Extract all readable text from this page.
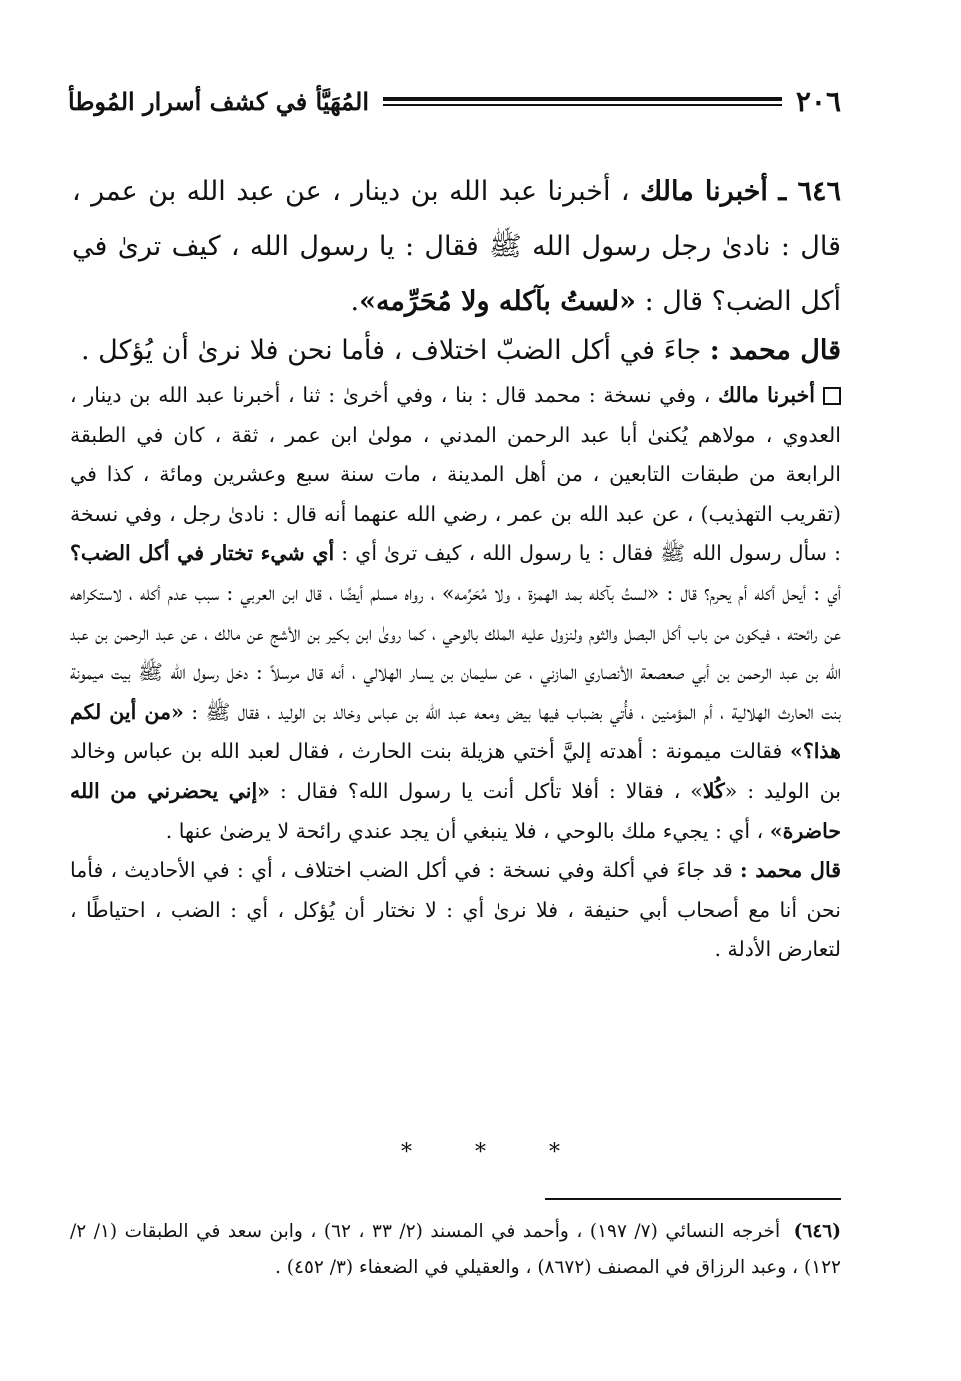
٢٠٦
المُهَيَّأ في كشف أسرار المُوطأ
٦٤٦ ـ أخبرنا مالك ، أخبرنا عبد الله بن دينار ، عن عبد الله بن عمر ، قال : نادىٰ رجل رسول الله ﷺ فقال : يا رسول الله ، كيف ترىٰ في أكل الضب؟ قال : «لستُ بآكله ولا مُحَرِّمه».
قال محمد : جاءَ في أكل الضبّ اختلاف ، فأما نحن فلا نرىٰ أن يُؤكل .

أخبرنا مالك ، وفي نسخة : محمد قال : بنا ، وفي أخرىٰ : ثنا ، أخبرنا عبد الله بن دينار ، العدوي ، مولاهم يُكنىٰ أبا عبد الرحمن المدني ، مولىٰ ابن عمر ، ثقة ، كان في الطبقة الرابعة من طبقات التابعين ، من أهل المدينة ، مات سنة سبع وعشرين ومائة ، كذا في (تقريب التهذيب) ، عن عبد الله بن عمر ، رضي الله عنهما أنه قال : نادىٰ رجل ، وفي نسخة : سأل رسول الله ﷺ فقال : يا رسول الله ، كيف ترىٰ أي : أي شيء تختار في أكل الضب؟ أي : أيحل أكله أم يحرم؟ قال : «لستُ بآكله بمد الهمزة ، ولا مُحَرِّمه» ، رواه مسلم أيضًا ، قال ابن العربي : سبب عدم أكله ، لاستكراهه عن رائحته ، فيكون من باب أكل البصل والثوم ولنزول عليه الملك بالوحي ، كما روىٰ ابن بكير بن الأشج عن مالك ، عن عبد الرحمن بن عبد الله بن عبد الرحمن بن أبي صعصعة الأنصاري المازني ، عن سليمان بن يسار الهلالي ، أنه قال مرسلاً : دخل رسول الله ﷺ بيت ميمونة بنت الحارث الهلالية ، أم المؤمنين ، فأُتي بضباب فيها بيض ومعه عبد الله بن عباس وخالد بن الوليد ، فقال ﷺ : «من أين لكم هذا؟» فقالت ميمونة : أهدته إليَّ أختي هزيلة بنت الحارث ، فقال لعبد الله بن عباس وخالد بن الوليد : «كُلا» ، فقالا : أفلا تأكل أنت يا رسول الله؟ فقال : «إني يحضرني من الله حاضرة» ، أي : يجيء ملك بالوحي ، فلا ينبغي أن يجد عندي رائحة لا يرضىٰ عنها .

قال محمد : قد جاءَ في أكلة وفي نسخة : في أكل الضب اختلاف ، أي : في الأحاديث ، فأما نحن أنا مع أصحاب أبي حنيفة ، فلا نرىٰ أي : لا نختار أن يُؤكل ، أي : الضب ، احتياطًا ، لتعارض الأدلة .

* * *
(٦٤٦) أخرجه النسائي (٧/ ١٩٧) ، وأحمد في المسند (٢/ ٣٣ ، ٦٢) ، وابن سعد في الطبقات (١/ ٢/ ١٢٢) ، وعبد الرزاق في المصنف (٨٦٧٢) ، والعقيلي في الضعفاء (٣/ ٤٥٢) .
